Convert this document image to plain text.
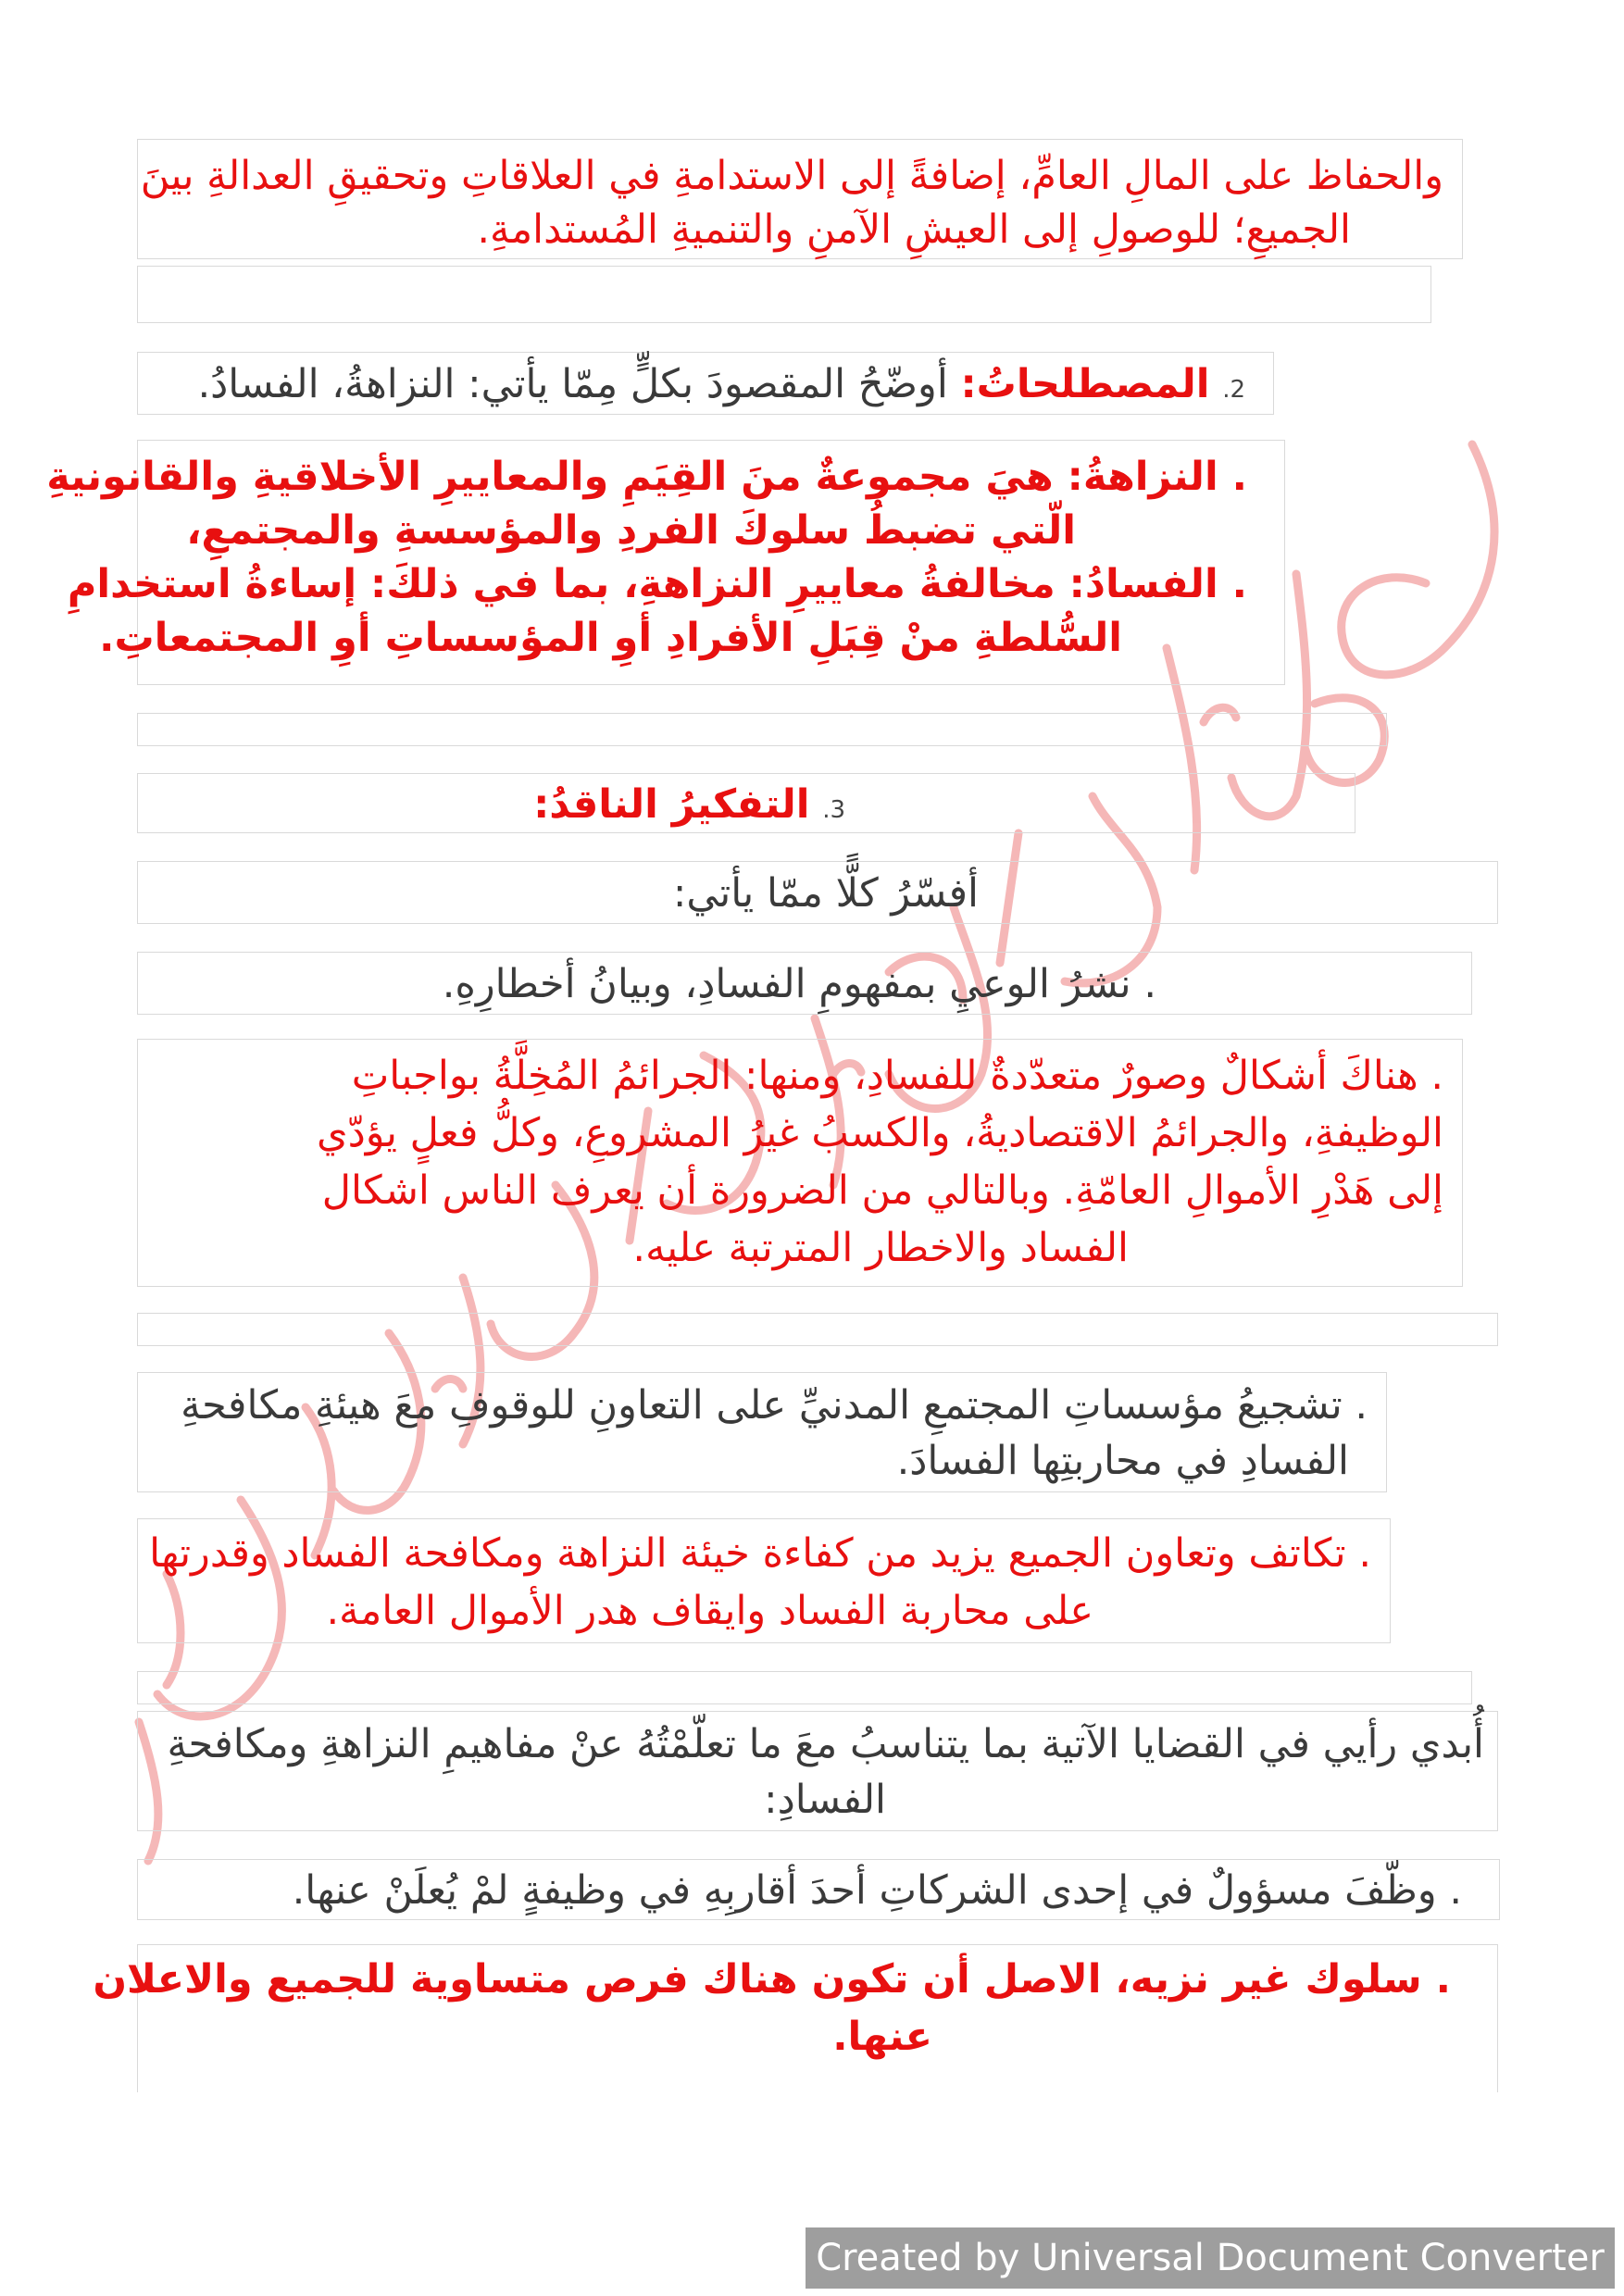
والحفاظ على المالِ العامِّ، إضافةً إلى الاستدامةِ في العلاقاتِ وتحقيقِ العدالةِ بينَ
الجميعِ؛ للوصولِ إلى العيشِ الآمنِ والتنميةِ المُستدامةِ.
2. المصطلحاتُ: أوضّحُ المقصودَ بكلٍّ مِمّا يأتي: النزاهةُ، الفسادُ.
. النزاهةُ: هيَ مجموعةٌ منَ القِيَمِ والمعاييرِ الأخلاقيةِ والقانونيةِ
الّتي تضبطُ سلوكَ الفردِ والمؤسسةِ والمجتمعِ،
. الفسادُ: مخالفةُ معاييرِ النزاهةِ، بما في ذلكَ: إساءةُ استخدامِ
السُّلطةِ منْ قِبَلِ الأفرادِ أوِ المؤسساتِ أوِ المجتمعاتِ.
3. التفكيرُ الناقدُ:
أفسّرُ كلًّا ممّا يأتي:
. نشرُ الوعيِ بمفهومِ الفسادِ، وبيانُ أخطارِهِ.
. هناكَ أشكالٌ وصورٌ متعدّدةٌ للفسادِ، ومنها: الجرائمُ المُخِلَّةُ بواجباتِ
الوظيفةِ، والجرائمُ الاقتصاديةُ، والكسبُ غيرُ المشروعِ، وكلُّ فعلٍ يؤدّي
إلى هَدْرِ الأموالِ العامّةِ. وبالتالي من الضرورة أن يعرف الناس اشكال
الفساد والاخطار المترتبة عليه.
. تشجيعُ مؤسساتِ المجتمعِ المدنيِّ على التعاونِ للوقوفِ معَ هيئةِ مكافحةِ
الفسادِ في محاربتِها الفسادَ.
. تكاتف وتعاون الجميع يزيد من كفاءة خيئة النزاهة ومكافحة الفساد وقدرتها
على محاربة الفساد وايقاف هدر الأموال العامة.
أُبدي رأيي في القضايا الآتية بما يتناسبُ معَ ما تعلّمْتُهُ عنْ مفاهيمِ النزاهةِ ومكافحةِ
الفسادِ:
. وظّفَ مسؤولٌ في إحدى الشركاتِ أحدَ أقاربِهِ في وظيفةٍ لمْ يُعلَنْ عنها.
. سلوك غير نزيه، الاصل أن تكون هناك فرص متساوية للجميع والاعلان
عنها.
Created by Universal Document Converter
